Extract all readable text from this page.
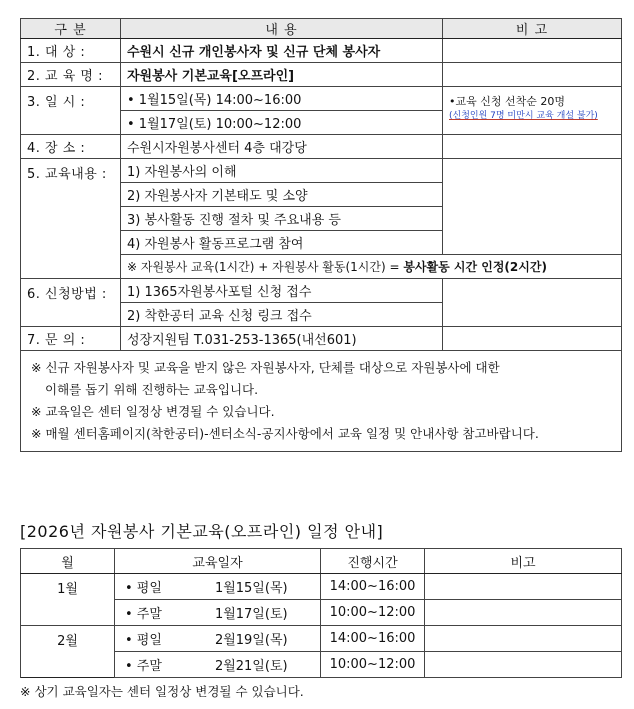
구 분	내 용	비 고
1. 대 상 :	수원시 신규 개인봉사자 및 신규 단체 봉사자	
2. 교 육 명 :	자원봉사 기본교육[오프라인]	
3. 일 시 :	• 1월15일(목) 14:00~16:00	•교육 신청 선착순 20명
(신청인원 7명 미만시 교육 개설 불가)

	• 1월17일(토) 10:00~12:00	
4. 장 소 :	수원시자원봉사센터 4층 대강당	
5. 교육내용 :	1) 자원봉사의 이해	
	2) 자원봉사자 기본태도 및 소양	
	3) 봉사활동 진행 절차 및 주요내용 등	
	4) 자원봉사 활동프로그램 참여	
	※ 자원봉사 교육(1시간) + 자원봉사 활동(1시간) = 봉사활동 시간 인정(2시간)	
6. 신청방법 :	1) 1365자원봉사포털 신청 접수	
	2) 착한공터 교육 신청 링크 접수	
7. 문 의 :	성장지원팀 T.031-253-1365(내선601)	

※ 신규 자원봉사자 및 교육을 받지 않은 자원봉사자, 단체를 대상으로 자원봉사에 대한
이해를 돕기 위해 진행하는 교육입니다.
※ 교육일은 센터 일정상 변경될 수 있습니다.
※ 매월 센터홈페이지(착한공터)-센터소식-공지사항에서 교육 일정 및 안내사항 참고바랍니다.		
[2026년 자원봉사 기본교육(오프라인) 일정 안내]
월	교육일자		진행시간	비고
1월	• 평일	1월15일(목)	14:00~16:00	
	• 주말	1월17일(토)	10:00~12:00	
2월	• 평일	2월19일(목)	14:00~16:00	
	• 주말	2월21일(토)	10:00~12:00	
※ 상기 교육일자는 센터 일정상 변경될 수 있습니다.
